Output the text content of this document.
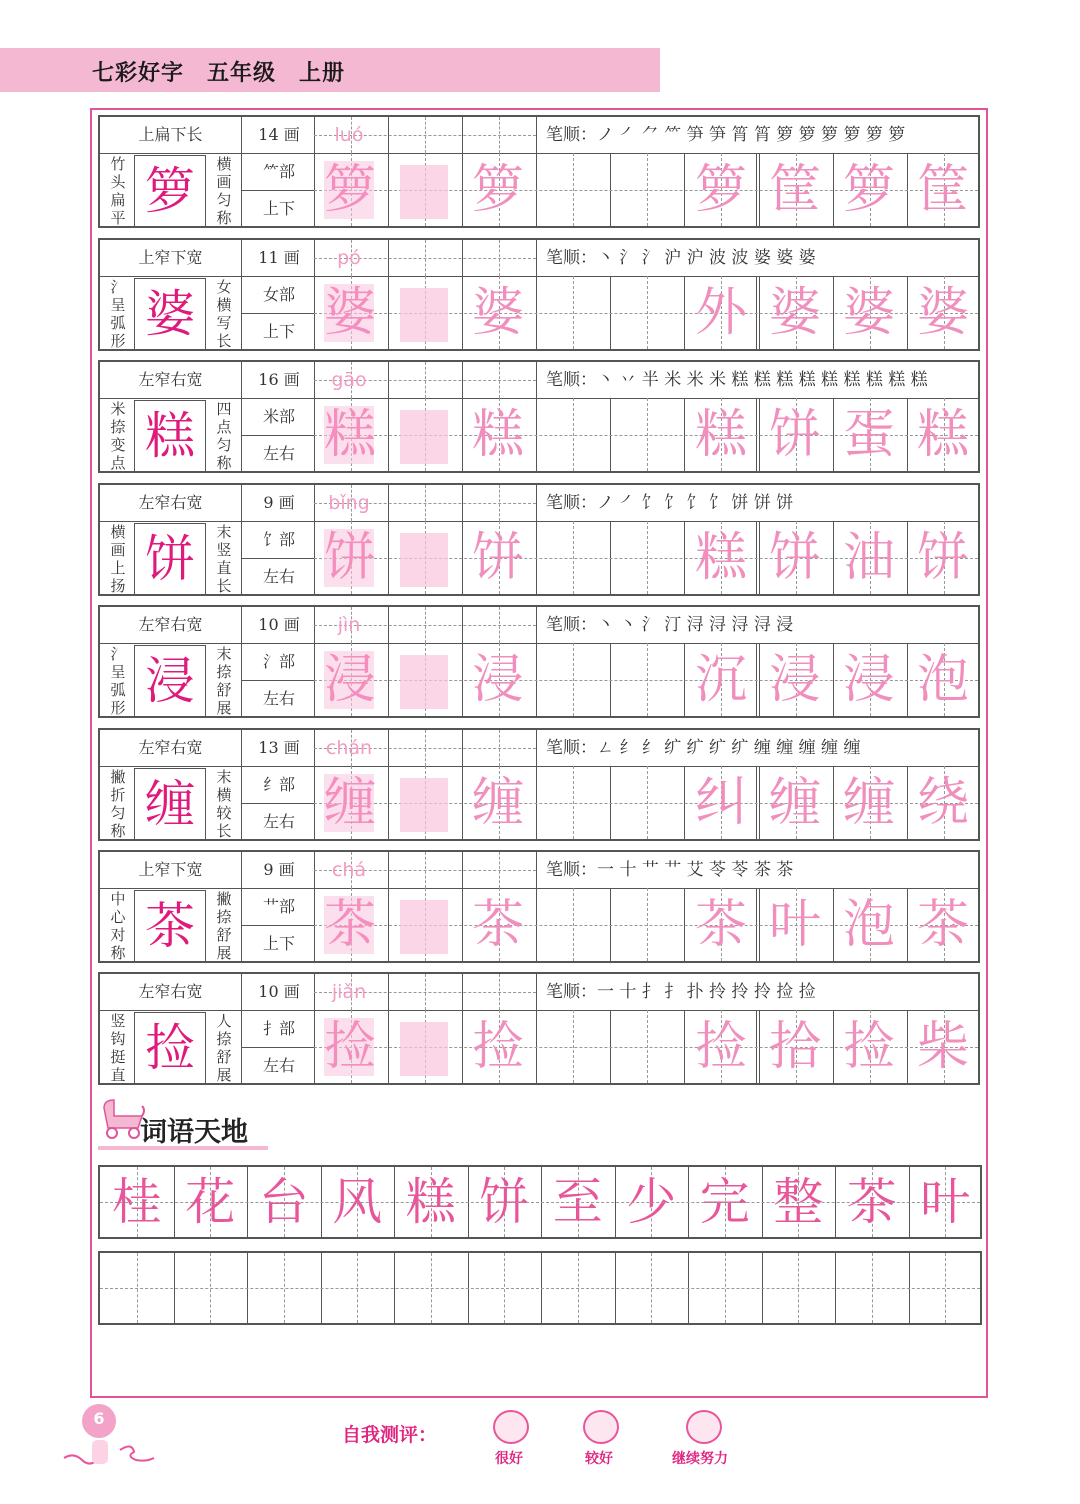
七彩好字　五年级　上册
上扁下长
竹头扁平 箩	横画匀称
14 画
⺮部
上下
luó	笔顺：ノ ㇒ ⺈ ⺮ 笋 笋 筲 筲 箩 箩 箩 箩 箩 箩
箩 箩	箩 筐 箩 筐
上窄下宽
氵呈弧形 婆	女横写长
11 画
女部
上下
pó	笔顺：丶 氵 氵 沪 沪 波 波 婆 婆 婆
婆 婆	外 婆 婆 婆
左窄右宽
米捺变点 糕	四点匀称
16 画
米部
左右
gāo	笔顺：丶 丷 半 米 米 米 糕 糕 糕 糕 糕 糕 糕 糕 糕
糕 糕	糕 饼 蛋 糕
左窄右宽
横画上扬 饼	末竖直长
9 画
饣部
左右
bǐng	笔顺：ノ ㇒ 饣 饣 饣 饣 饼 饼 饼
饼 饼	糕 饼 油 饼
左窄右宽
氵呈弧形 浸	末捺舒展
10 画
氵部
左右
jìn	笔顺：丶 丶 氵 汀 浔 浔 浔 浔 浸
浸 浸	沉 浸 浸 泡
左窄右宽
撇折匀称 缠	末横较长
13 画
纟部
左右
chán	笔顺：ㄥ 纟 纟 纩 纩 纩 纩 缠 缠 缠 缠 缠
缠 缠	纠 缠 缠 绕
上窄下宽
中心对称 茶	撇捺舒展
9 画
艹部
上下
chá	笔顺：一 十 艹 艹 艾 苓 苓 茶 茶
茶 茶	茶 叶 泡 茶
左窄右宽
竖钩挺直 捡	人捺舒展
10 画
扌部
左右
jiǎn	笔顺：一 十 扌 扌 扑 拎 拎 拎 捡 捡
捡 捡	捡 拾 捡 柴
词语天地
桂 花 台 风 糕 饼 至 少 完 整 茶 叶
6
自我测评：
很好	较好	继续努力
